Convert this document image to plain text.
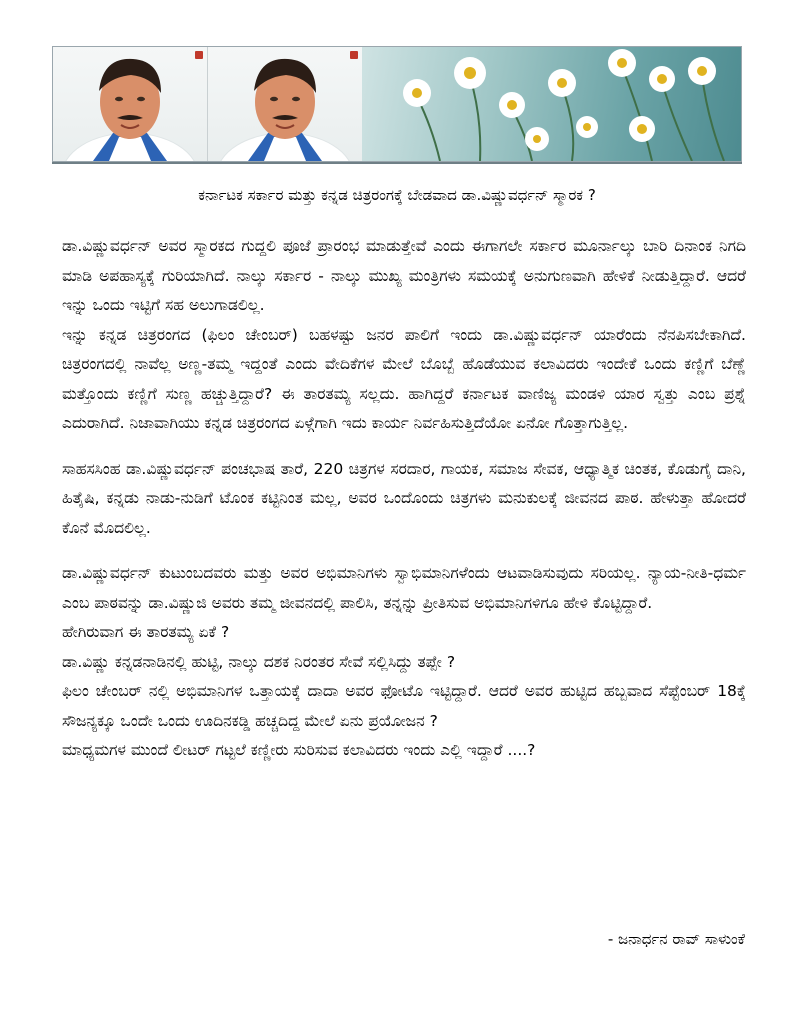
ಕರ್ನಾಟಕ ಸರ್ಕಾರ ಮತ್ತು ಕನ್ನಡ ಚಿತ್ರರಂಗಕ್ಕೆ ಬೇಡವಾದ ಡಾ.ವಿಷ್ಣುವರ್ಧನ್ ಸ್ಮಾರಕ ?

ಡಾ.ವಿಷ್ಣುವರ್ಧನ್ ಅವರ ಸ್ಮಾರಕದ ಗುದ್ದಲಿ ಪೂಜೆ ಪ್ರಾರಂಭ ಮಾಡುತ್ತೇವೆ ಎಂದು ಈಗಾಗಲೇ ಸರ್ಕಾರ ಮೂರ್ನಾಲ್ಕು ಬಾರಿ ದಿನಾಂಕ ನಿಗದಿ ಮಾಡಿ ಅಪಹಾಸ್ಯಕ್ಕೆ ಗುರಿಯಾಗಿದೆ. ನಾಲ್ಕು ಸರ್ಕಾರ - ನಾಲ್ಕು ಮುಖ್ಯ ಮಂತ್ರಿಗಳು ಸಮಯಕ್ಕೆ ಅನುಗುಣವಾಗಿ ಹೇಳಿಕೆ ನೀಡುತ್ತಿದ್ದಾರೆ. ಆದರೆ ಇನ್ನು ಒಂದು ಇಟ್ಟಿಗೆ ಸಹ ಅಲುಗಾಡಲಿಲ್ಲ.

ಇನ್ನು ಕನ್ನಡ ಚಿತ್ರರಂಗದ (ಫಿಲಂ ಚೇಂಬರ್) ಬಹಳಷ್ಟು ಜನರ ಪಾಲಿಗೆ ಇಂದು ಡಾ.ವಿಷ್ಣುವರ್ಧನ್ ಯಾರೆಂದು ನೆನಪಿಸಬೇಕಾಗಿದೆ. ಚಿತ್ರರಂಗದಲ್ಲಿ ನಾವೆಲ್ಲ ಅಣ್ಣ-ತಮ್ಮ ಇದ್ದಂತೆ ಎಂದು ವೇದಿಕೆಗಳ ಮೇಲೆ ಬೊಬ್ಬೆ ಹೊಡೆಯುವ ಕಲಾವಿದರು ಇಂದೇಕೆ ಒಂದು ಕಣ್ಣಿಗೆ ಬೆಣ್ಣೆ ಮತ್ತೊಂದು ಕಣ್ಣಿಗೆ ಸುಣ್ಣ ಹಚ್ಚುತ್ತಿದ್ದಾರೆ? ಈ ತಾರತಮ್ಯ ಸಲ್ಲದು. ಹಾಗಿದ್ದರೆ ಕರ್ನಾಟಕ ವಾಣಿಜ್ಯ ಮಂಡಳಿ ಯಾರ ಸ್ವತ್ತು ಎಂಬ ಪ್ರಶ್ನೆ ಎದುರಾಗಿದೆ. ನಿಜಾವಾಗಿಯು ಕನ್ನಡ ಚಿತ್ರರಂಗದ ಏಳ್ಗೆಗಾಗಿ ಇದು ಕಾರ್ಯ ನಿರ್ವಹಿಸುತ್ತಿದೆಯೋ ಏನೋ ಗೊತ್ತಾಗುತ್ತಿಲ್ಲ.

ಸಾಹಸಸಿಂಹ ಡಾ.ವಿಷ್ಣುವರ್ಧನ್ ಪಂಚಭಾಷ ತಾರೆ, 220 ಚಿತ್ರಗಳ ಸರದಾರ, ಗಾಯಕ, ಸಮಾಜ ಸೇವಕ, ಆಧ್ಯಾತ್ಮಿಕ ಚಿಂತಕ, ಕೊಡುಗೈ ದಾನಿ, ಹಿತೈಷಿ, ಕನ್ನಡು ನಾಡು-ನುಡಿಗೆ ಟೊಂಕ ಕಟ್ಟಿನಿಂತ ಮಲ್ಲ, ಅವರ ಒಂದೊಂದು ಚಿತ್ರಗಳು ಮನುಕುಲಕ್ಕೆ ಜೀವನದ ಪಾಠ. ಹೇಳುತ್ತಾ ಹೋದರೆ ಕೊನೆ ಮೊದಲಿಲ್ಲ.

ಡಾ.ವಿಷ್ಣುವರ್ಧನ್ ಕುಟುಂಬದವರು ಮತ್ತು ಅವರ ಅಭಿಮಾನಿಗಳು ಸ್ವಾಭಿಮಾನಿಗಳೆಂದು ಆಟವಾಡಿಸುವುದು ಸರಿಯಲ್ಲ. ನ್ಯಾಯ-ನೀತಿ-ಧರ್ಮ ಎಂಬ ಪಾಠವನ್ನು ಡಾ.ವಿಷ್ಣುಜಿ ಅವರು ತಮ್ಮ ಜೀವನದಲ್ಲಿ ಪಾಲಿಸಿ, ತನ್ನನ್ನು ಪ್ರೀತಿಸುವ ಅಭಿಮಾನಿಗಳಿಗೂ ಹೇಳಿ ಕೊಟ್ಟಿದ್ದಾರೆ.

ಹೇಗಿರುವಾಗ ಈ ತಾರತಮ್ಯ ಏಕೆ ?

ಡಾ.ವಿಷ್ಣು ಕನ್ನಡನಾಡಿನಲ್ಲಿ ಹುಟ್ಟಿ, ನಾಲ್ಕು ದಶಕ ನಿರಂತರ ಸೇವೆ ಸಲ್ಲಿಸಿದ್ದು ತಪ್ಪೇ ?

ಫಿಲಂ ಚೇಂಬರ್ ನಲ್ಲಿ ಅಭಿಮಾನಿಗಳ ಒತ್ತಾಯಕ್ಕೆ ದಾದಾ ಅವರ ಫೋಟೊ ಇಟ್ಟಿದ್ದಾರೆ. ಆದರೆ ಅವರ ಹುಟ್ಟಿದ ಹಬ್ಬವಾದ ಸೆಪ್ಟೆಂಬರ್ 18ಕ್ಕೆ ಸೌಜನ್ಯಕ್ಕೂ ಒಂದೇ ಒಂದು ಊದಿನಕಡ್ಡಿ ಹಚ್ಚದಿದ್ದ ಮೇಲೆ ಏನು ಪ್ರಯೋಜನ ?

ಮಾಧ್ಯಮಗಳ ಮುಂದೆ ಲೀಟರ್ ಗಟ್ಟಲೆ ಕಣ್ಣೀರು ಸುರಿಸುವ ಕಲಾವಿದರು ಇಂದು ಎಲ್ಲಿ ಇದ್ದಾರೆ ....?

- ಜನಾರ್ಧನ ರಾವ್ ಸಾಳುಂಕೆ
